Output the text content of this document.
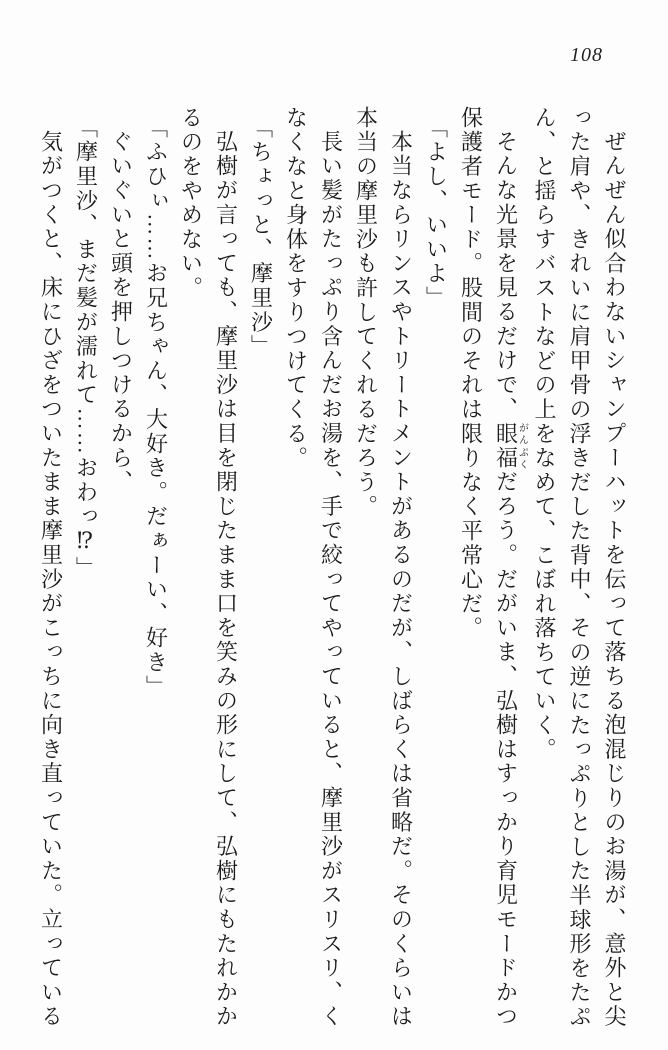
108

ぜんぜん似合わないシャンプーハットを伝って落ちる泡混じりのお湯が、意外と尖

った肩や、きれいに肩甲骨の浮きだした背中、その逆にたっぷりとした半球形をたぷ

ん、と揺らすバストなどの上をなめて、こぼれ落ちていく。

そんな光景を見るだけで、眼福がんぷくだろう。だがいま、弘樹はすっかり育児モードかつ

保護者モード。股間のそれは限りなく平常心だ。

「よし、いいよ」

本当ならリンスやトリートメントがあるのだが、しばらくは省略だ。そのくらいは

本当の摩里沙も許してくれるだろう。

長い髪がたっぷり含んだお湯を、手で絞ってやっていると、摩里沙がスリスリ、く

なくなと身体をすりつけてくる。

「ちょっと、摩里沙」

弘樹が言っても、摩里沙は目を閉じたまま口を笑みの形にして、弘樹にもたれかか

るのをやめない。

「ふひぃ……お兄ちゃん、大好き。だぁーい、好き」

ぐいぐいと頭を押しつけるから、

「摩里沙、まだ髪が濡れて……おわっ⁉」

気がつくと、床にひざをついたまま摩里沙がこっちに向き直っていた。立っている
